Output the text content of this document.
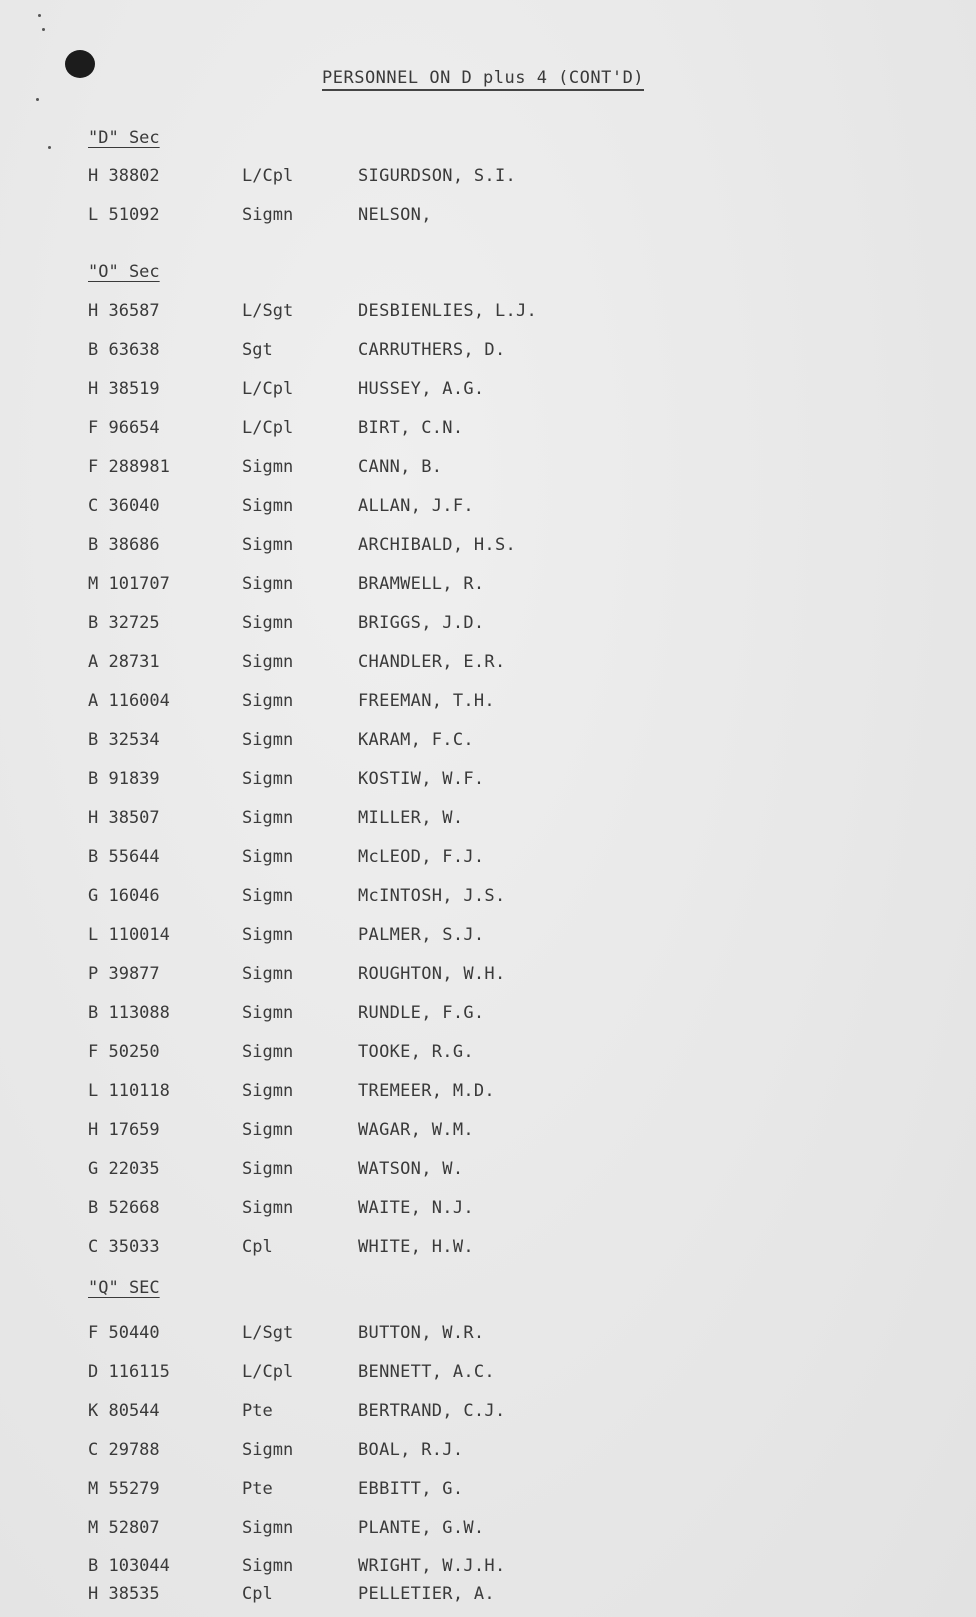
PERSONNEL ON D plus 4 (CONT'D)
"D" Sec
H 38802	L/Cpl	SIGURDSON, S.I.
L 51092	Sigmn	NELSON,
"O" Sec
H 36587	L/Sgt	DESBIENLIES, L.J.
B 63638	Sgt	CARRUTHERS, D.
H 38519	L/Cpl	HUSSEY, A.G.
F 96654	L/Cpl	BIRT, C.N.
F 288981	Sigmn	CANN, B.
C 36040	Sigmn	ALLAN, J.F.
B 38686	Sigmn	ARCHIBALD, H.S.
M 101707	Sigmn	BRAMWELL, R.
B 32725	Sigmn	BRIGGS, J.D.
A 28731	Sigmn	CHANDLER, E.R.
A 116004	Sigmn	FREEMAN, T.H.
B 32534	Sigmn	KARAM, F.C.
B 91839	Sigmn	KOSTIW, W.F.
H 38507	Sigmn	MILLER, W.
B 55644	Sigmn	McLEOD, F.J.
G 16046	Sigmn	McINTOSH, J.S.
L 110014	Sigmn	PALMER, S.J.
P 39877	Sigmn	ROUGHTON, W.H.
B 113088	Sigmn	RUNDLE, F.G.
F 50250	Sigmn	TOOKE, R.G.
L 110118	Sigmn	TREMEER, M.D.
H 17659	Sigmn	WAGAR, W.M.
G 22035	Sigmn	WATSON, W.
B 52668	Sigmn	WAITE, N.J.
C 35033	Cpl	WHITE, H.W.
"Q" SEC
F 50440	L/Sgt	BUTTON, W.R.
D 116115	L/Cpl	BENNETT, A.C.
K 80544	Pte	BERTRAND, C.J.
C 29788	Sigmn	BOAL, R.J.
M 55279	Pte	EBBITT, G.
M 52807	Sigmn	PLANTE, G.W.
B 103044	Sigmn	WRIGHT, W.J.H.
H 38535	Cpl	PELLETIER, A.
